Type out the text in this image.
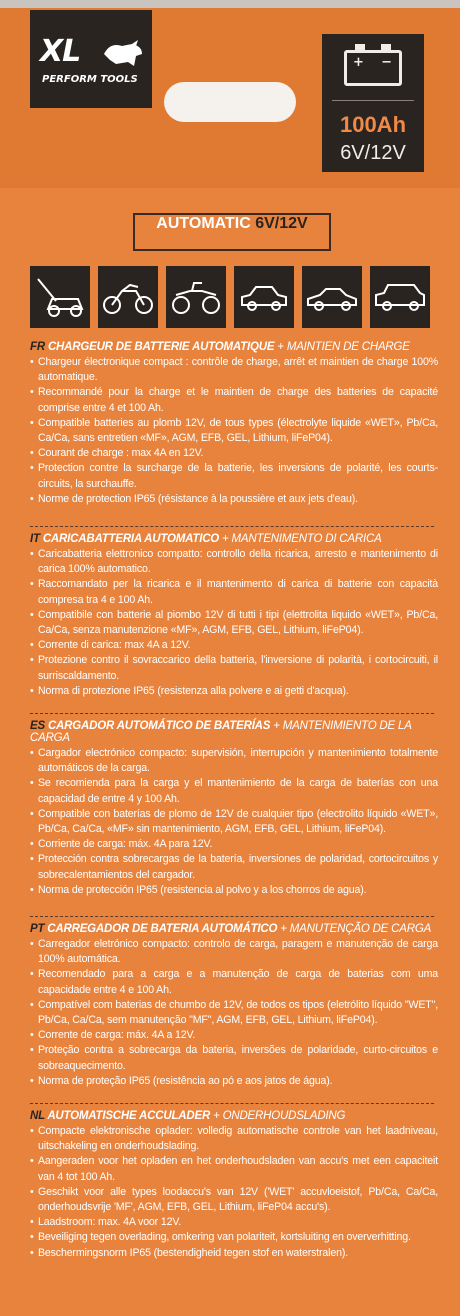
XL
PERFORM TOOLS
+ −
100Ah
6V/12V
AUTOMATIC 6V/12V
FR CHARGEUR DE BATTERIE AUTOMATIQUE + MAINTIEN DE CHARGE
• Chargeur électronique compact : contrôle de charge, arrêt et maintien de charge 100% automatique.
• Recommandé pour la charge et le maintien de charge des batteries de capacité comprise entre 4 et 100 Ah.
• Compatible batteries au plomb 12V, de tous types (électrolyte liquide «WET», Pb/Ca, Ca/Ca, sans entretien «MF», AGM, EFB, GEL, Lithium, liFeP04).
• Courant de charge : max 4A en 12V.
• Protection contre la surcharge de la batterie, les inversions de polarité, les courts-circuits, la surchauffe.
• Norme de protection IP65 (résistance à la poussière et aux jets d'eau).
IT CARICABATTERIA AUTOMATICO + MANTENIMENTO DI CARICA
• Caricabatteria elettronico compatto: controllo della ricarica, arresto e mantenimento di carica 100% automatico.
• Raccomandato per la ricarica e il mantenimento di carica di batterie con capacità compresa tra 4 e 100 Ah.
• Compatibile con batterie al piombo 12V di tutti i tipi (elettrolita liquido «WET», Pb/Ca, Ca/Ca, senza manutenzione «MF», AGM, EFB, GEL, Lithium, liFeP04).
• Corrente di carica: max 4A a 12V.
• Protezione contro il sovraccarico della batteria, l'inversione di polarità, i cortocircuiti, il surriscaldamento.
• Norma di protezione IP65 (resistenza alla polvere e ai getti d'acqua).
ES CARGADOR AUTOMÁTICO DE BATERÍAS + MANTENIMIENTO DE LA CARGA
• Cargador electrónico compacto: supervisión, interrupción y mantenimiento totalmente automáticos de la carga.
• Se recomienda para la carga y el mantenimiento de la carga de baterías con una capacidad de entre 4 y 100 Ah.
• Compatible con baterías de plomo de 12V de cualquier tipo (electrolito líquido «WET», Pb/Ca, Ca/Ca, «MF» sin mantenimiento, AGM, EFB, GEL, Lithium, liFeP04).
• Corriente de carga: máx. 4A para 12V.
• Protección contra sobrecargas de la batería, inversiones de polaridad, cortocircuitos y sobrecalentamientos del cargador.
• Norma de protección IP65 (resistencia al polvo y a los chorros de agua).
PT CARREGADOR DE BATERIA AUTOMÁTICO + MANUTENÇÃO DE CARGA
• Carregador eletrónico compacto: controlo de carga, paragem e manutenção de carga 100% automática.
• Recomendado para a carga e a manutenção de carga de baterias com uma capacidade entre 4 e 100 Ah.
• Compatível com baterias de chumbo de 12V, de todos os tipos (eletrólito líquido "WET", Pb/Ca, Ca/Ca, sem manutenção "MF", AGM, EFB, GEL, Lithium, liFeP04).
• Corrente de carga: máx. 4A a 12V.
• Proteção contra a sobrecarga da bateria, inversões de polaridade, curto-circuitos e sobreaquecimento.
• Norma de proteção IP65 (resistência ao pó e aos jatos de água).
NL AUTOMATISCHE ACCULADER + ONDERHOUDSLADING
• Compacte elektronische oplader: volledig automatische controle van het laadniveau, uitschakeling en onderhoudslading.
• Aangeraden voor het opladen en het onderhoudsladen van accu's met een capaciteit van 4 tot 100 Ah.
• Geschikt voor alle types loodaccu's van 12V ('WET' accuvloeistof, Pb/Ca, Ca/Ca, onderhoudsvrije 'MF', AGM, EFB, GEL, Lithium, liFeP04 accu's).
• Laadstroom: max. 4A voor 12V.
• Beveiliging tegen overlading, omkering van polariteit, kortsluiting en oververhitting.
• Beschermingsnorm IP65 (bestendigheid tegen stof en waterstralen).
